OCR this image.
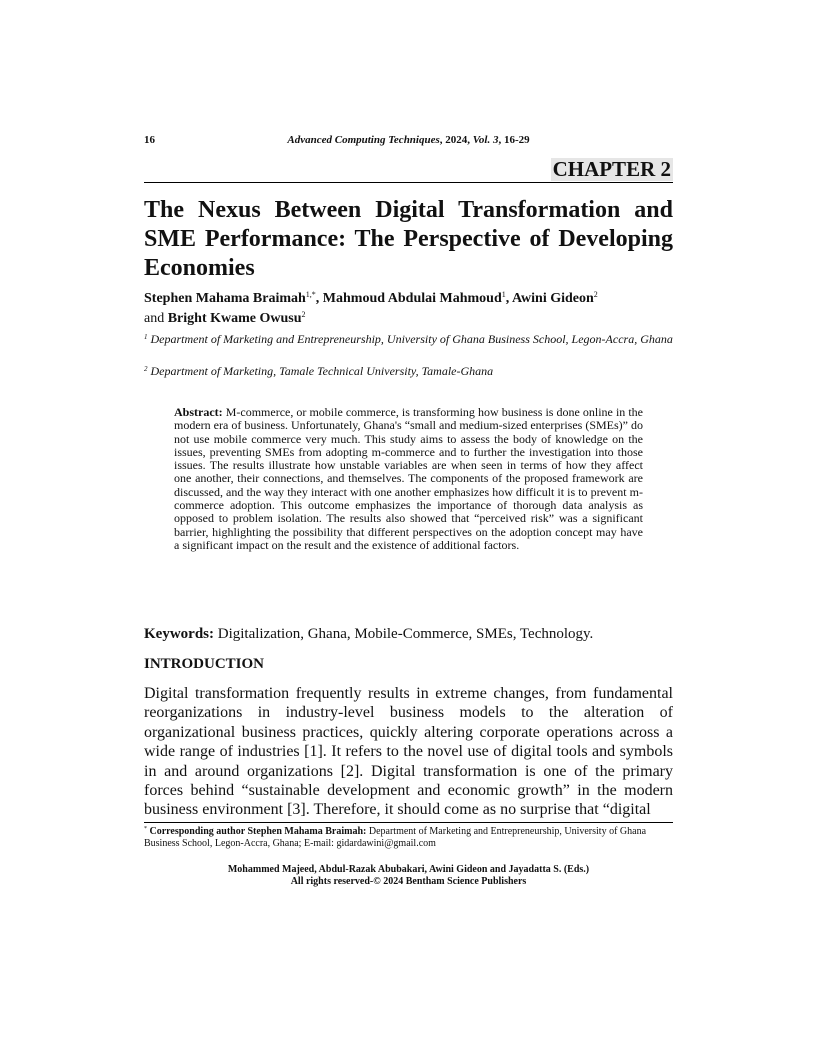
16	Advanced Computing Techniques, 2024, Vol. 3, 16-29
CHAPTER 2
The Nexus Between Digital Transformation and SME Performance: The Perspective of Developing Economies

Stephen Mahama Braimah$^{1,*}$, Mahmoud Abdulai Mahmoud$^1$, Awini Gideon$^2$
and Bright Kwame Owusu$^2$

$^1$ Department of Marketing and Entrepreneurship, University of Ghana Business School, Legon-Accra, Ghana

$^2$ Department of Marketing, Tamale Technical University, Tamale-Ghana

Abstract: M-commerce, or mobile commerce, is transforming how business is done online in the modern era of business. Unfortunately, Ghana's “small and medium-sized enterprises (SMEs)” do not use mobile commerce very much. This study aims to assess the body of knowledge on the issues, preventing SMEs from adopting m-commerce and to further the investigation into those issues. The results illustrate how unstable variables are when seen in terms of how they affect one another, their connections, and themselves. The components of the proposed framework are discussed, and the way they interact with one another emphasizes how difficult it is to prevent m-commerce adoption. This outcome emphasizes the importance of thorough data analysis as opposed to problem isolation. The results also showed that “perceived risk” was a significant barrier, highlighting the possibility that different perspectives on the adoption concept may have a significant impact on the result and the existence of additional factors.

Keywords: Digitalization, Ghana, Mobile-Commerce, SMEs, Technology.

INTRODUCTION

Digital transformation frequently results in extreme changes, from fundamental reorganizations in industry-level business models to the alteration of organizational business practices, quickly altering corporate operations across a wide range of industries [1]. It refers to the novel use of digital tools and symbols in and around organizations [2]. Digital transformation is one of the primary forces behind “sustainable development and economic growth” in the modern business environment [3]. Therefore, it should come as no surprise that “digital

* Corresponding author Stephen Mahama Braimah: Department of Marketing and Entrepreneurship, University of Ghana Business School, Legon-Accra, Ghana; E-mail: gidardawini@gmail.com

Mohammed Majeed, Abdul-Razak Abubakari, Awini Gideon and Jayadatta S. (Eds.)
All rights reserved-© 2024 Bentham Science Publishers
